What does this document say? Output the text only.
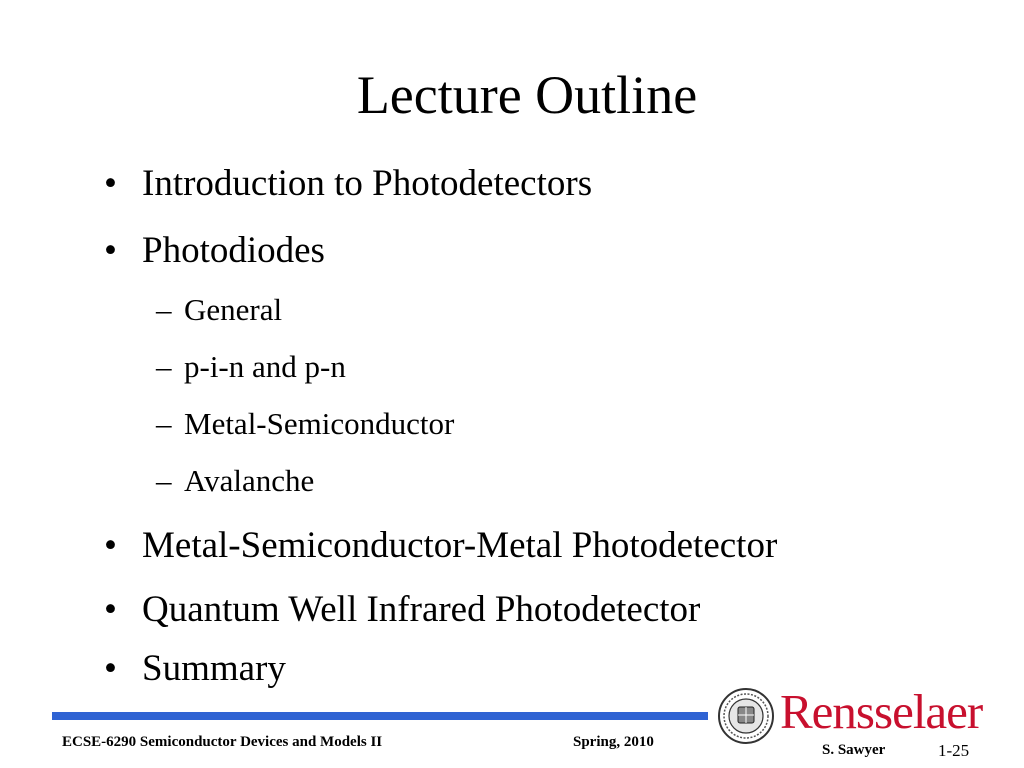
Lecture Outline
• Introduction to Photodetectors
• Photodiodes
– General
– p-i-n and p-n
– Metal-Semiconductor
– Avalanche
• Metal-Semiconductor-Metal Photodetector
• Quantum Well Infrared Photodetector
• Summary
ECSE-6290 Semiconductor Devices and Models II	Spring, 2010
Rensselaer
S. Sawyer	1-25
